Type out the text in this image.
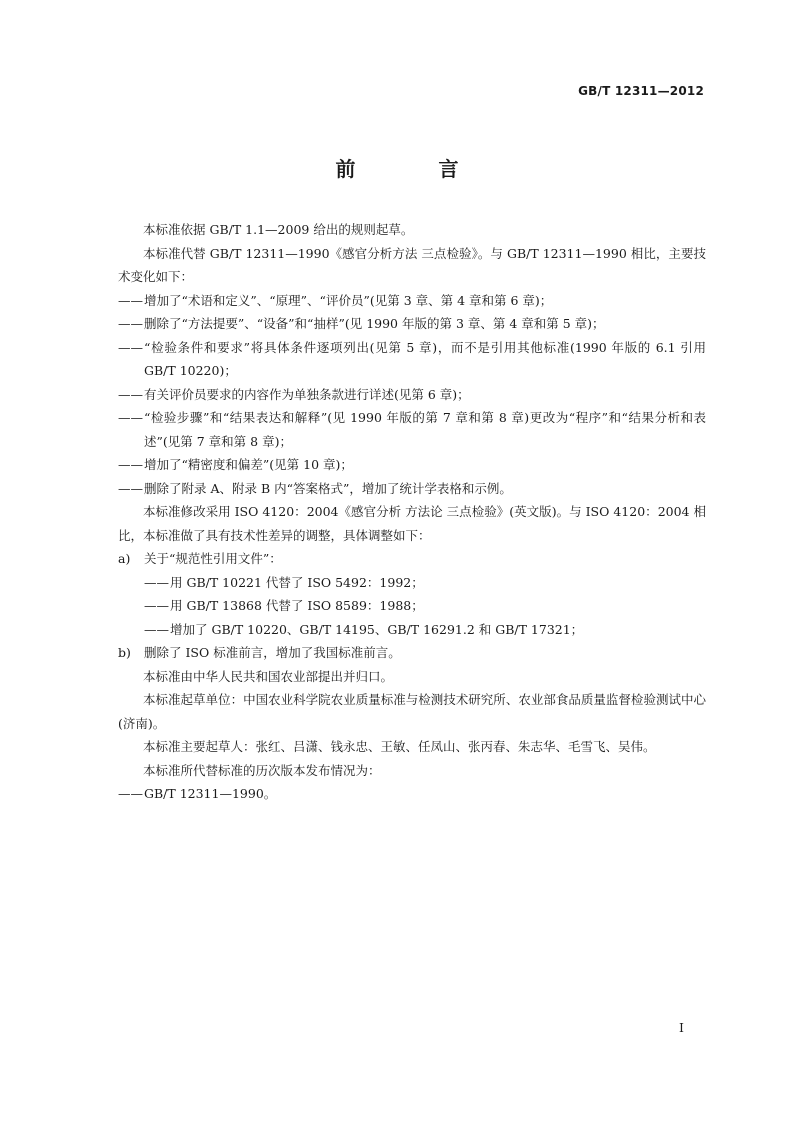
GB/T 12311—2012
前 言

本标准依据 GB/T 1.1—2009 给出的规则起草。

本标准代替 GB/T 12311—1990《感官分析方法 三点检验》。与 GB/T 12311—1990 相比，主要技术变化如下：

—— 增加了“术语和定义”、“原理”、“评价员”(见第 3 章、第 4 章和第 6 章)；
—— 删除了“方法提要”、“设备”和“抽样”(见 1990 年版的第 3 章、第 4 章和第 5 章)；
—— “检验条件和要求”将具体条件逐项列出(见第 5 章)，而不是引用其他标准(1990 年版的 6.1 引用 GB/T 10220)；
—— 有关评价员要求的内容作为单独条款进行详述(见第 6 章)；
—— “检验步骤”和“结果表达和解释”(见 1990 年版的第 7 章和第 8 章)更改为“程序”和“结果分析和表述”(见第 7 章和第 8 章)；
—— 增加了“精密度和偏差”(见第 10 章)；
—— 删除了附录 A、附录 B 内“答案格式”，增加了统计学表格和示例。

本标准修改采用 ISO 4120：2004《感官分析 方法论 三点检验》(英文版)。与 ISO 4120：2004 相比，本标准做了具有技术性差异的调整，具体调整如下：

a)	关于“规范性引用文件”：
—— 用 GB/T 10221 代替了 ISO 5492：1992；
—— 用 GB/T 13868 代替了 ISO 8589：1988；
—— 增加了 GB/T 10220、GB/T 14195、GB/T 16291.2 和 GB/T 17321；
b)	删除了 ISO 标准前言，增加了我国标准前言。

本标准由中华人民共和国农业部提出并归口。

本标准起草单位：中国农业科学院农业质量标准与检测技术研究所、农业部食品质量监督检验测试中心(济南)。

本标准主要起草人：张红、吕潇、钱永忠、王敏、任凤山、张丙春、朱志华、毛雪飞、吴伟。

本标准所代替标准的历次版本发布情况为：

—— GB/T 12311—1990。
I
